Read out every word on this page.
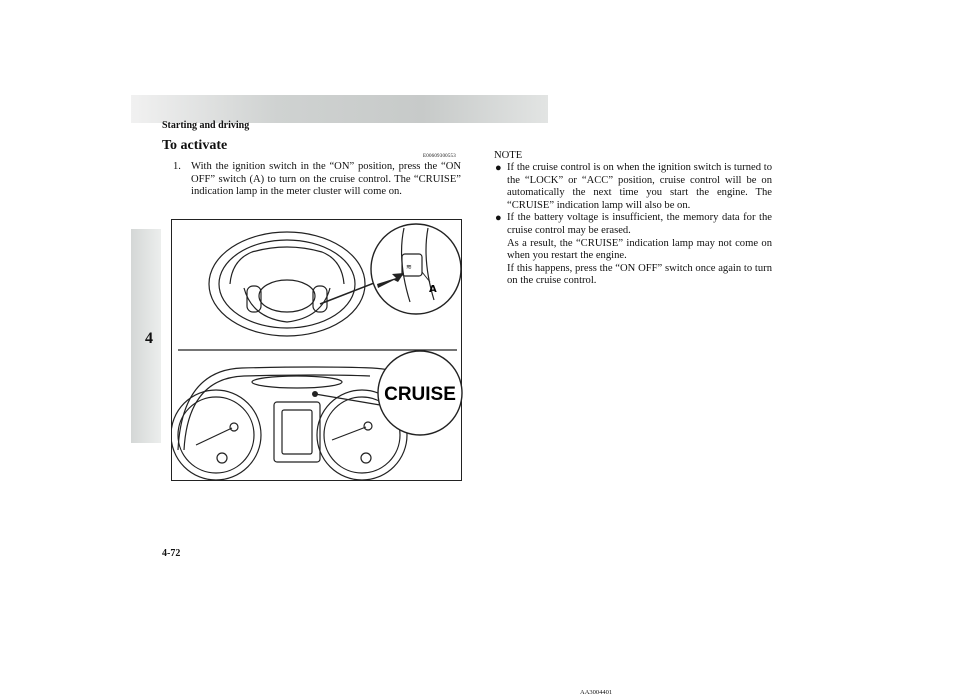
Starting and driving
4
To activate
E00609300553
1. With the ignition switch in the “ON” position, press the “ON OFF” switch (A) to turn on the cruise control. The “CRUISE” indication lamp in the meter cluster will come on.
≋
A
CRUISE
AA3004401
NOTE
● If the cruise control is on when the ignition switch is turned to the “LOCK” or “ACC” position, cruise control will be on automatically the next time you start the engine. The “CRUISE” indication lamp will also be on.
● If the battery voltage is insufficient, the memory data for the cruise control may be erased.
As a result, the “CRUISE” indication lamp may not come on when you restart the engine.
If this happens, press the “ON OFF” switch once again to turn on the cruise control.
4-72
